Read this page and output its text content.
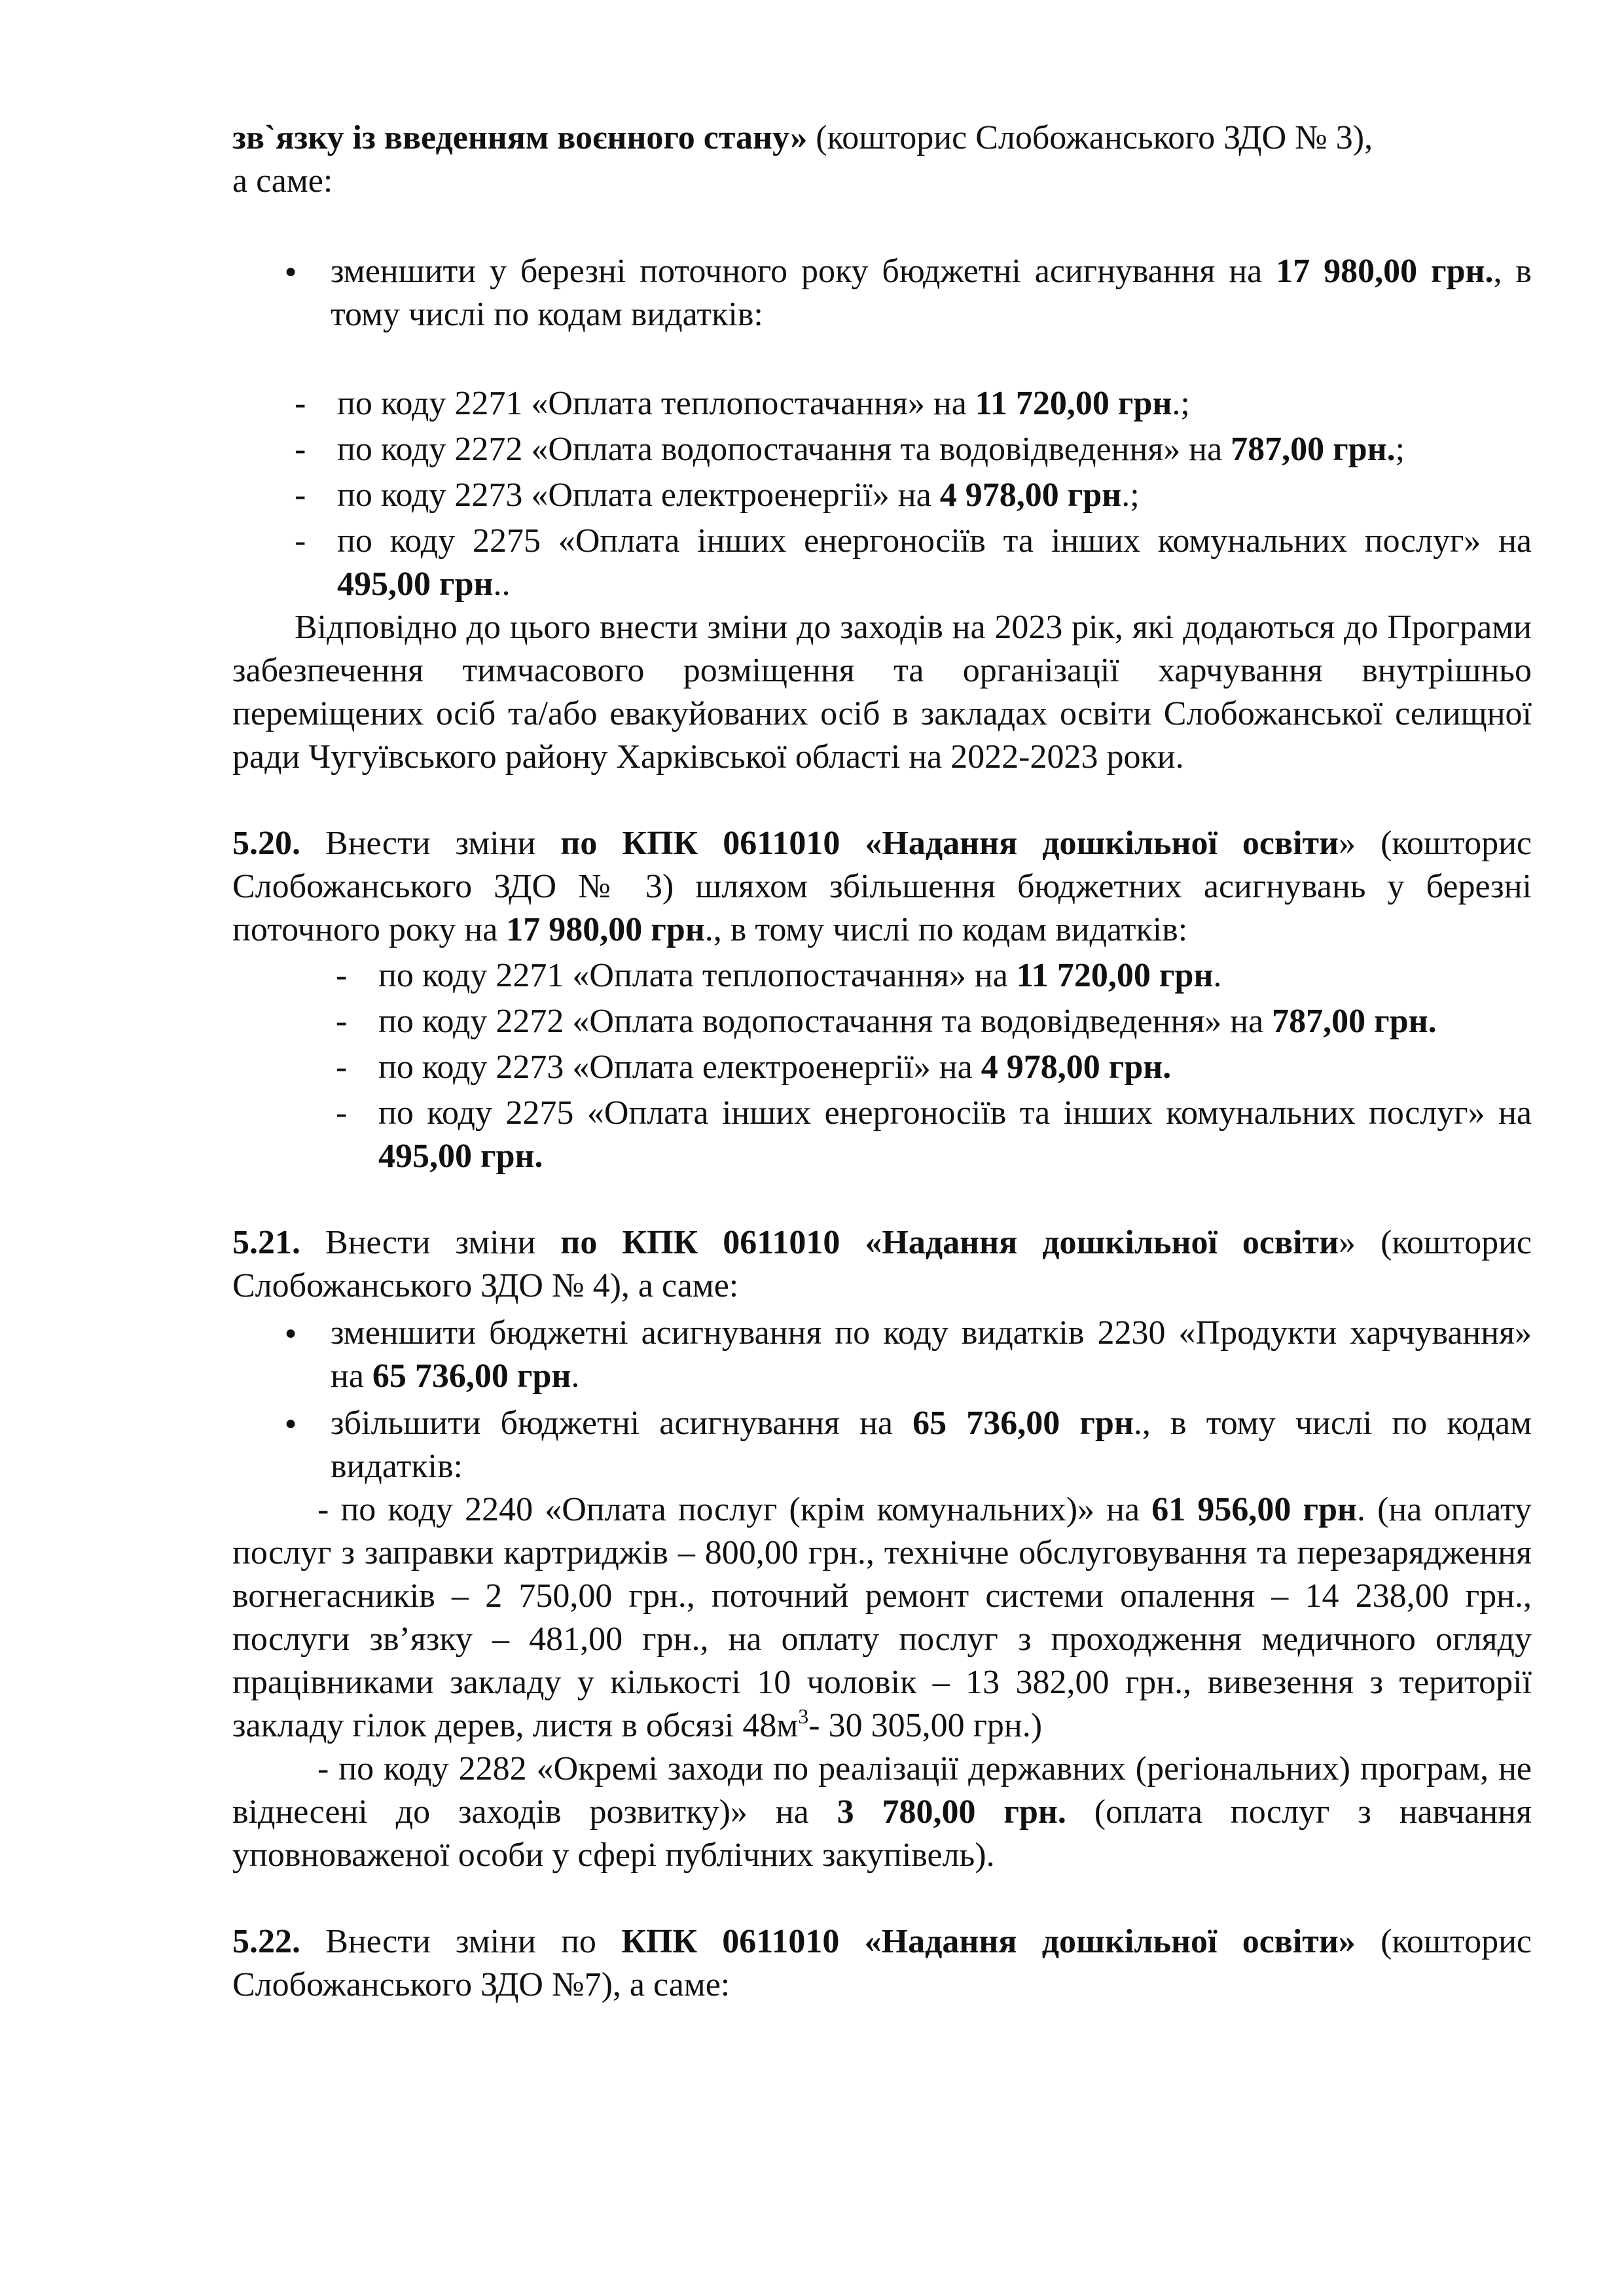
зв`язку із введенням воєнного стану» (кошторис Слобожанського ЗДО № 3),

а саме:

● зменшити у березні поточного року бюджетні асигнування на 17 980,00 грн., в тому числі по кодам видатків:

- по коду 2271 «Оплата теплопостачання» на 11 720,00 грн.;

- по коду 2272 «Оплата водопостачання та водовідведення» на 787,00 грн.;

- по коду 2273 «Оплата електроенергії» на 4 978,00 грн.;

- по коду 2275 «Оплата інших енергоносіїв та інших комунальних послуг» на 495,00 грн..

Відповідно до цього внести зміни до заходів на 2023 рік, які додаються до Програми забезпечення тимчасового розміщення та організації харчування внутрішньо переміщених осіб та/або евакуйованих осіб в закладах освіти Слобожанської селищної ради Чугуївського району Харківської області на 2022-2023 роки.

5.20. Внести зміни по КПК 0611010 «Надання дошкільної освіти» (кошторис Слобожанського ЗДО № 3) шляхом збільшення бюджетних асигнувань у березні поточного року на 17 980,00 грн., в тому числі по кодам видатків:

- по коду 2271 «Оплата теплопостачання» на 11 720,00 грн.

- по коду 2272 «Оплата водопостачання та водовідведення» на 787,00 грн.

- по коду 2273 «Оплата електроенергії» на 4 978,00 грн.

- по коду 2275 «Оплата інших енергоносіїв та інших комунальних послуг» на 495,00 грн.

5.21. Внести зміни по КПК 0611010 «Надання дошкільної освіти» (кошторис Слобожанського ЗДО № 4), а саме:

● зменшити бюджетні асигнування по коду видатків 2230 «Продукти харчування» на 65 736,00 грн.

● збільшити бюджетні асигнування на 65 736,00 грн., в тому числі по кодам видатків:

- по коду 2240 «Оплата послуг (крім комунальних)» на 61 956,00 грн. (на оплату послуг з заправки картриджів – 800,00 грн., технічне обслуговування та перезарядження вогнегасників – 2 750,00 грн., поточний ремонт системи опалення – 14 238,00 грн., послуги зв’язку – 481,00 грн., на оплату послуг з проходження медичного огляду працівниками закладу у кількості 10 чоловік – 13 382,00 грн., вивезення з території закладу гілок дерев, листя в обсязі $48м^3-$ 30 305,00 грн.)

- по коду 2282 «Окремі заходи по реалізації державних (регіональних) програм, не віднесені до заходів розвитку)» на 3 780,00 грн. (оплата послуг з навчання уповноваженої особи у сфері публічних закупівель).

5.22. Внести зміни по КПК 0611010 «Надання дошкільної освіти» (кошторис Слобожанського ЗДО №7), а саме:
